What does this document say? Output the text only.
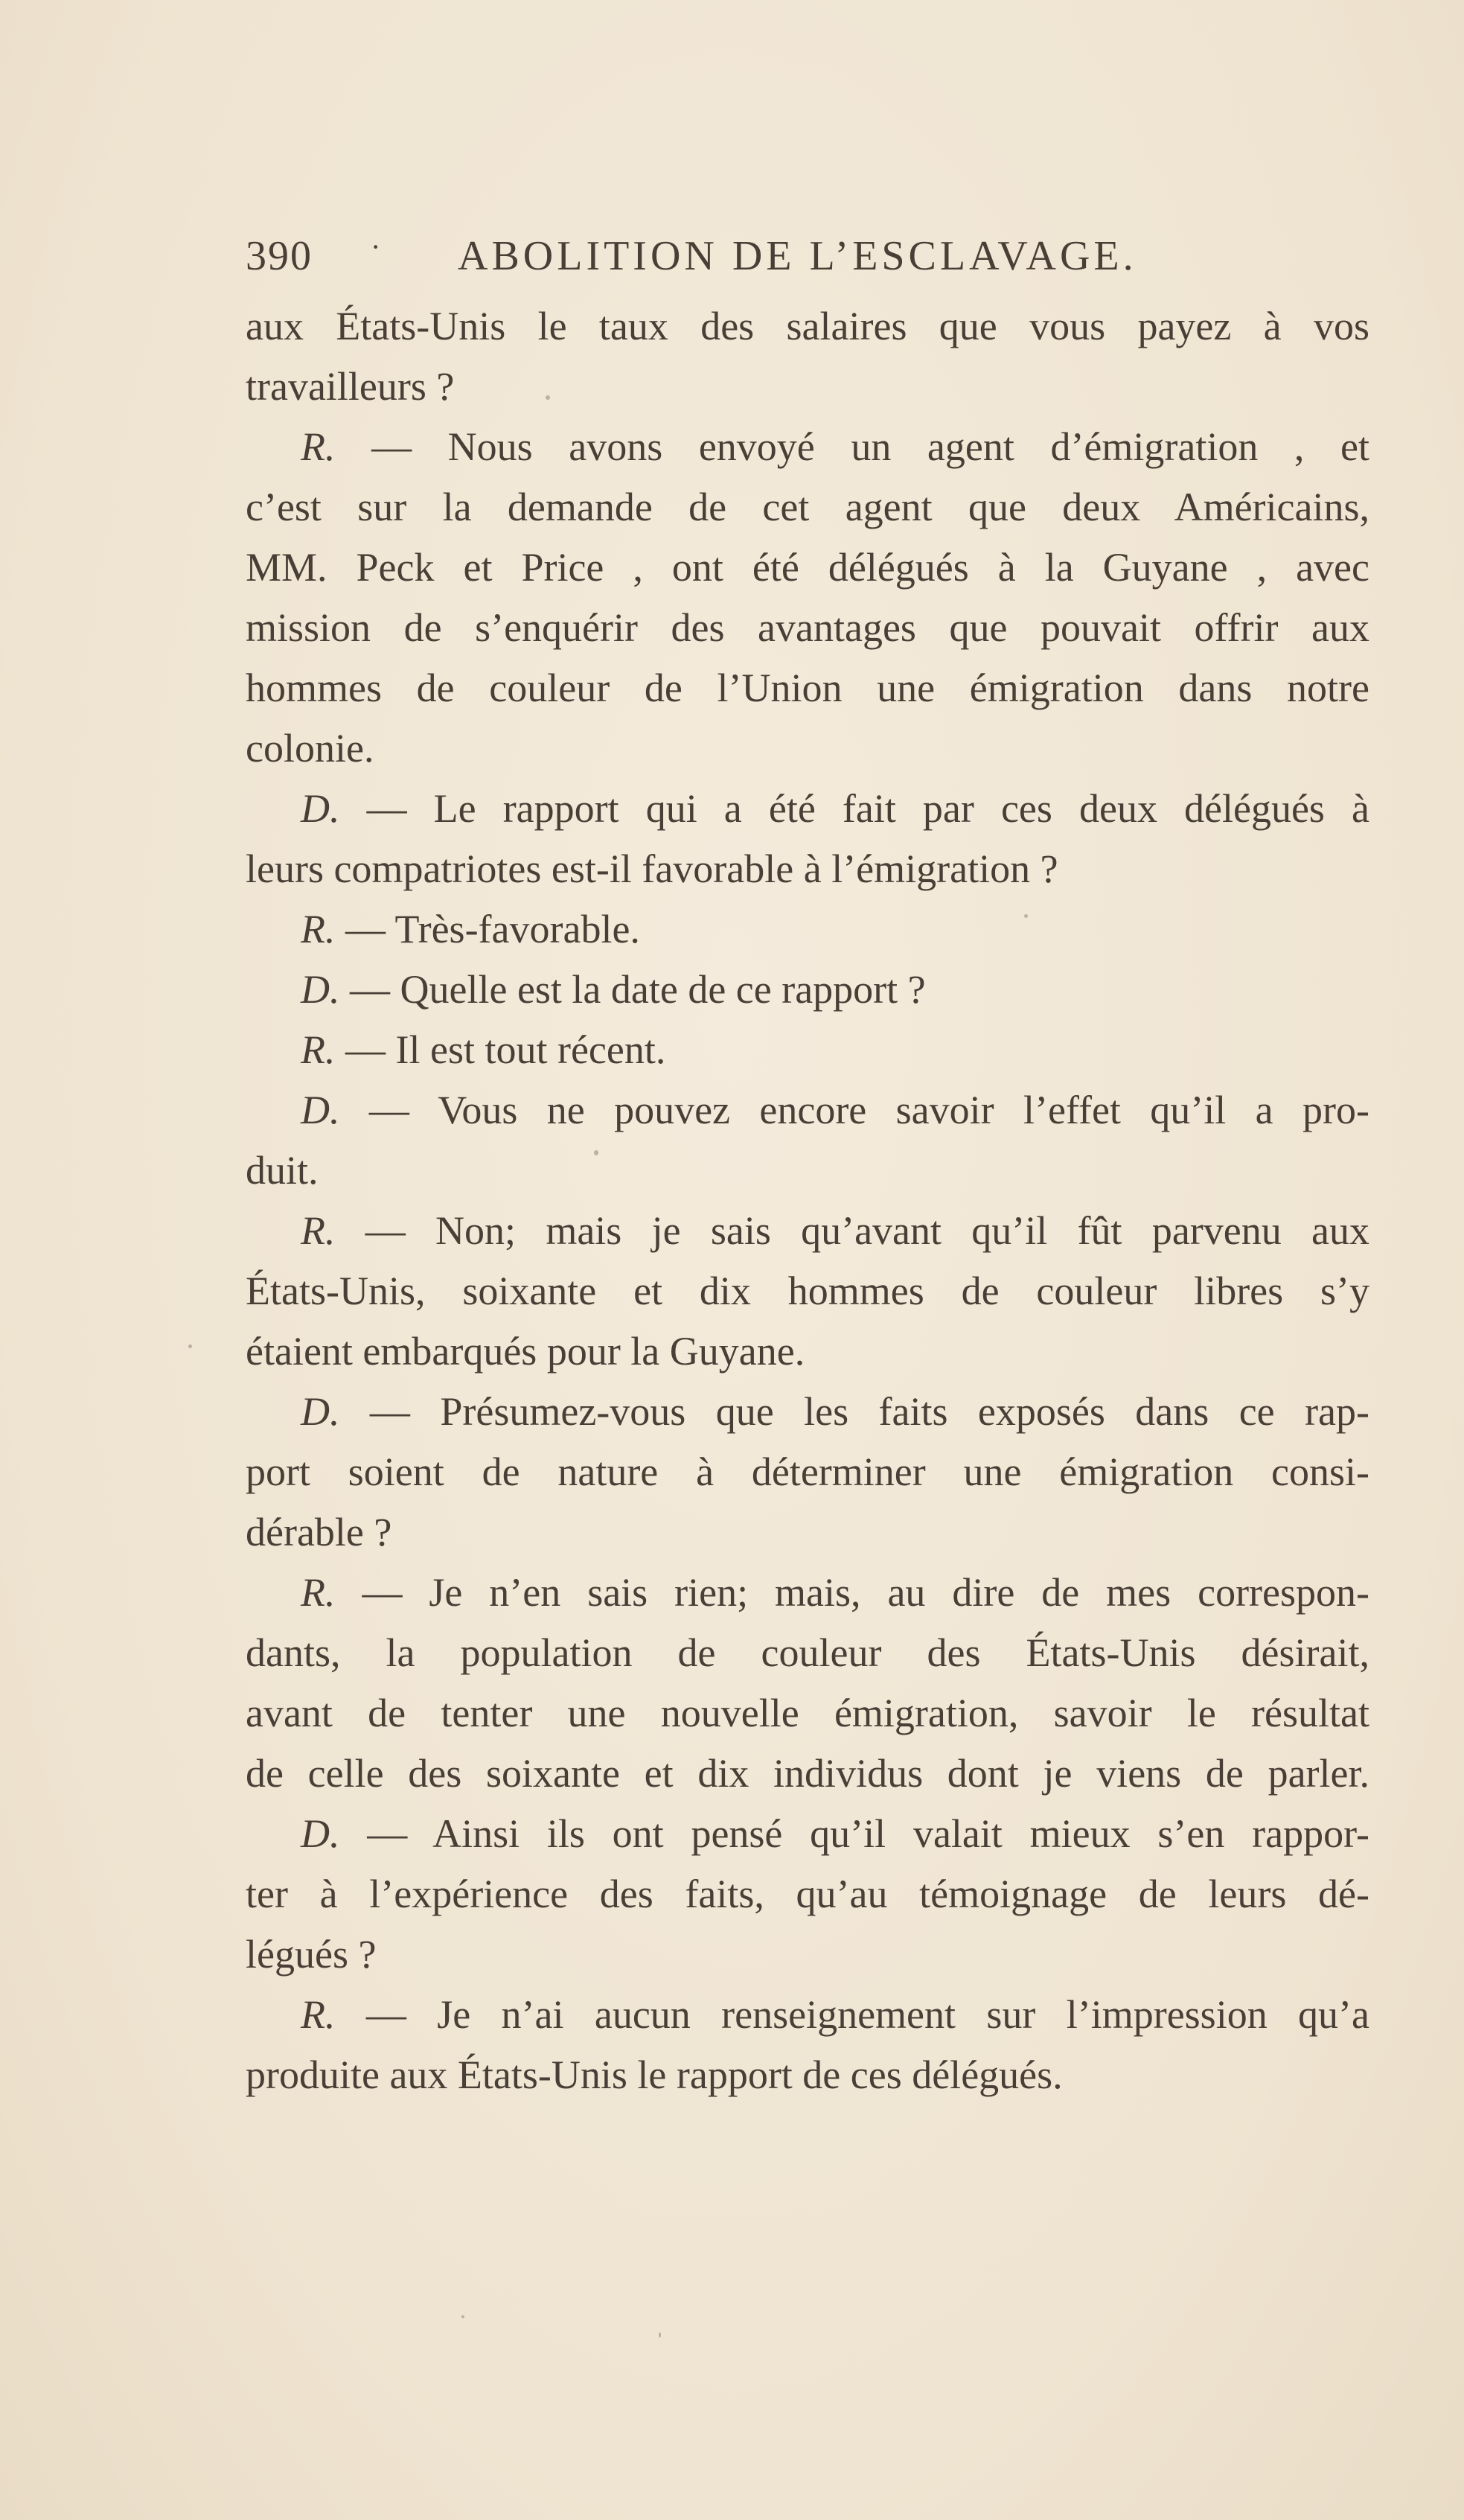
390 · ABOLITION DE L’ESCLAVAGE.
aux États-Unis le taux des salaires que vous payez à vos
travailleurs ?
R. — Nous avons envoyé un agent d’émigration , et
c’est sur la demande de cet agent que deux Américains,
MM. Peck et Price , ont été délégués à la Guyane , avec
mission de s’enquérir des avantages que pouvait offrir aux
hommes de couleur de l’Union une émigration dans notre
colonie.
D. — Le rapport qui a été fait par ces deux délégués à
leurs compatriotes est-il favorable à l’émigration ?
R. — Très-favorable.
D. — Quelle est la date de ce rapport ?
R. — Il est tout récent.
D. — Vous ne pouvez encore savoir l’effet qu’il a pro-
duit.
R. — Non; mais je sais qu’avant qu’il fût parvenu aux
États-Unis, soixante et dix hommes de couleur libres s’y
étaient embarqués pour la Guyane.
D. — Présumez-vous que les faits exposés dans ce rap-
port soient de nature à déterminer une émigration consi-
dérable ?
R. — Je n’en sais rien; mais, au dire de mes correspon-
dants, la population de couleur des États-Unis désirait,
avant de tenter une nouvelle émigration, savoir le résultat
de celle des soixante et dix individus dont je viens de parler.
D. — Ainsi ils ont pensé qu’il valait mieux s’en rappor-
ter à l’expérience des faits, qu’au témoignage de leurs dé-
légués ?
R. — Je n’ai aucun renseignement sur l’impression qu’a
produite aux États-Unis le rapport de ces délégués.
